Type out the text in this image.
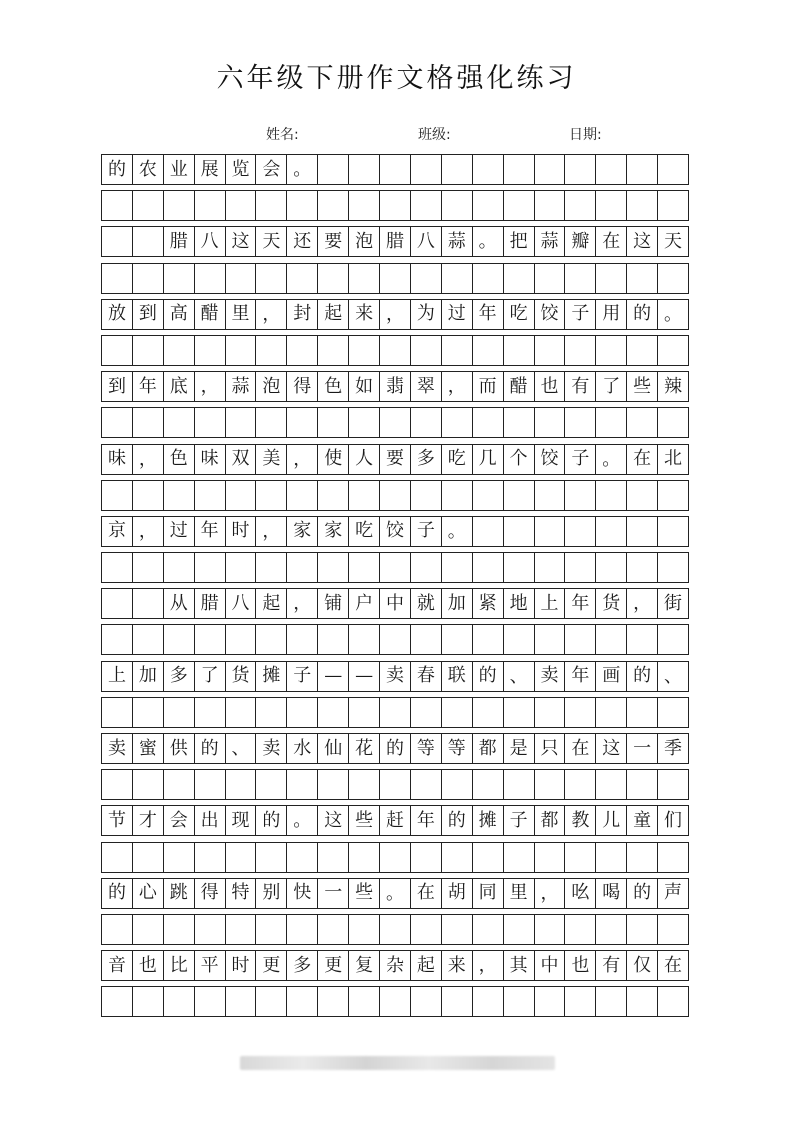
六年级下册作文格强化练习
姓名:	班级:	日期:
的 农 业 展 览 会 。
腊 八 这 天 还 要 泡 腊 八 蒜 。 把 蒜 瓣 在 这 天
放 到 高 醋 里 ， 封 起 来 ， 为 过 年 吃 饺 子 用 的 。
到 年 底 ， 蒜 泡 得 色 如 翡 翠 ， 而 醋 也 有 了 些 辣
味 ， 色 味 双 美 ， 使 人 要 多 吃 几 个 饺 子 。 在 北
京 ， 过 年 时 ， 家 家 吃 饺 子 。
从 腊 八 起 ， 铺 户 中 就 加 紧 地 上 年 货 ， 街
上 加 多 了 货 摊 子 — — 卖 春 联 的 、 卖 年 画 的 、
卖 蜜 供 的 、 卖 水 仙 花 的 等 等 都 是 只 在 这 一 季
节 才 会 出 现 的 。 这 些 赶 年 的 摊 子 都 教 儿 童 们
的 心 跳 得 特 别 快 一 些 。 在 胡 同 里 ， 吆 喝 的 声
音 也 比 平 时 更 多 更 复 杂 起 来 ， 其 中 也 有 仅 在
